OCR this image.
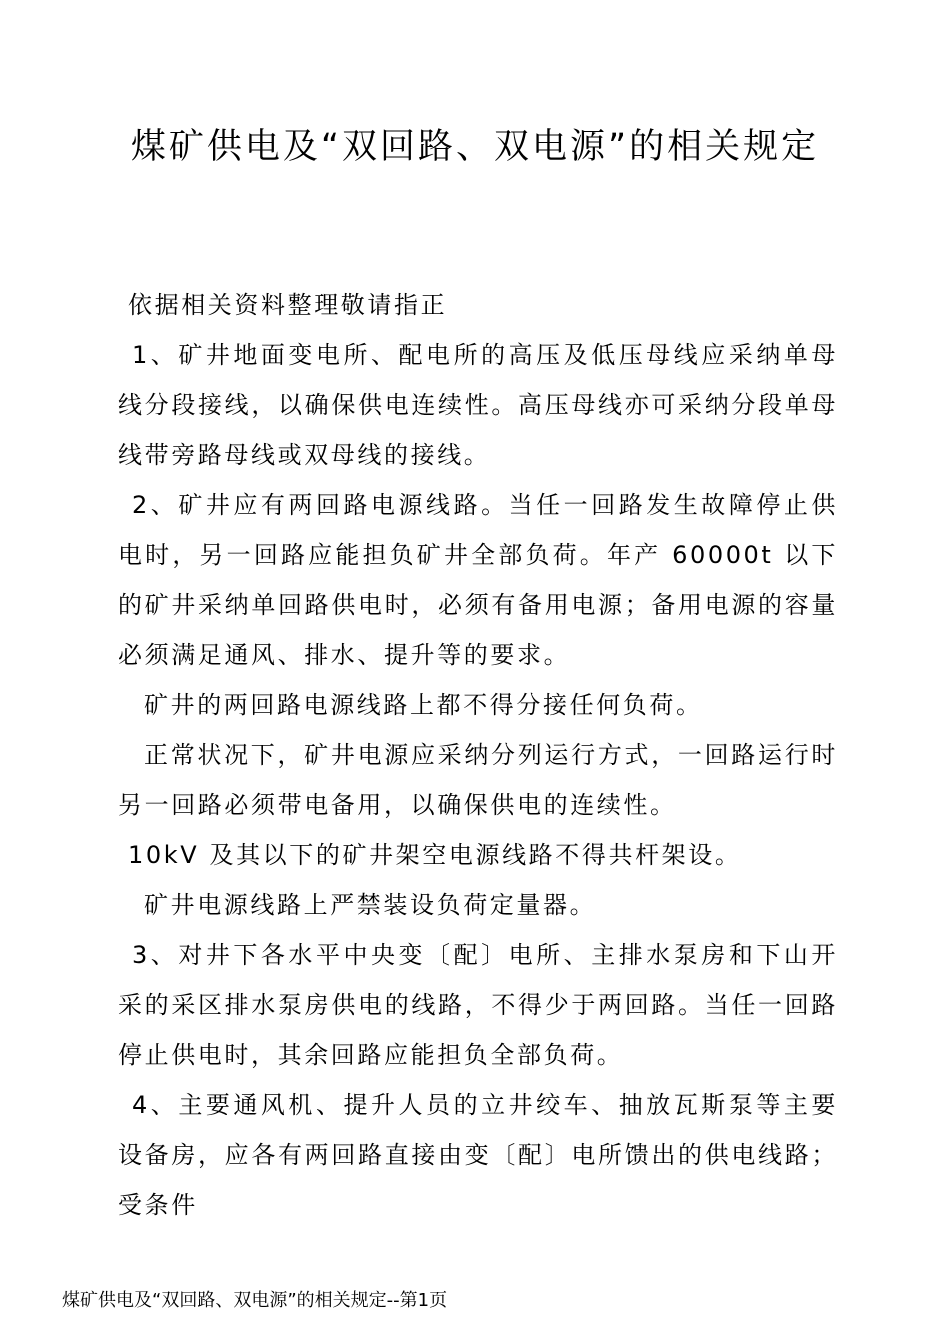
煤矿供电及“双回路、双电源”的相关规定

依据相关资料整理敬请指正

1、矿井地面变电所、配电所的高压及低压母线应采纳单母线分段接线，以确保供电连续性。高压母线亦可采纳分段单母线带旁路母线或双母线的接线。

2、矿井应有两回路电源线路。当任一回路发生故障停止供电时，另一回路应能担负矿井全部负荷。年产 60000t 以下的矿井采纳单回路供电时，必须有备用电源；备用电源的容量必须满足通风、排水、提升等的要求。

矿井的两回路电源线路上都不得分接任何负荷。

正常状况下，矿井电源应采纳分列运行方式，一回路运行时另一回路必须带电备用，以确保供电的连续性。

10kV 及其以下的矿井架空电源线路不得共杆架设。

矿井电源线路上严禁装设负荷定量器。

3、对井下各水平中央变〔配〕电所、主排水泵房和下山开采的采区排水泵房供电的线路，不得少于两回路。当任一回路停止供电时，其余回路应能担负全部负荷。

4、主要通风机、提升人员的立井绞车、抽放瓦斯泵等主要设备房，应各有两回路直接由变〔配〕电所馈出的供电线路；受条件

煤矿供电及“双回路、双电源”的相关规定--第1页
